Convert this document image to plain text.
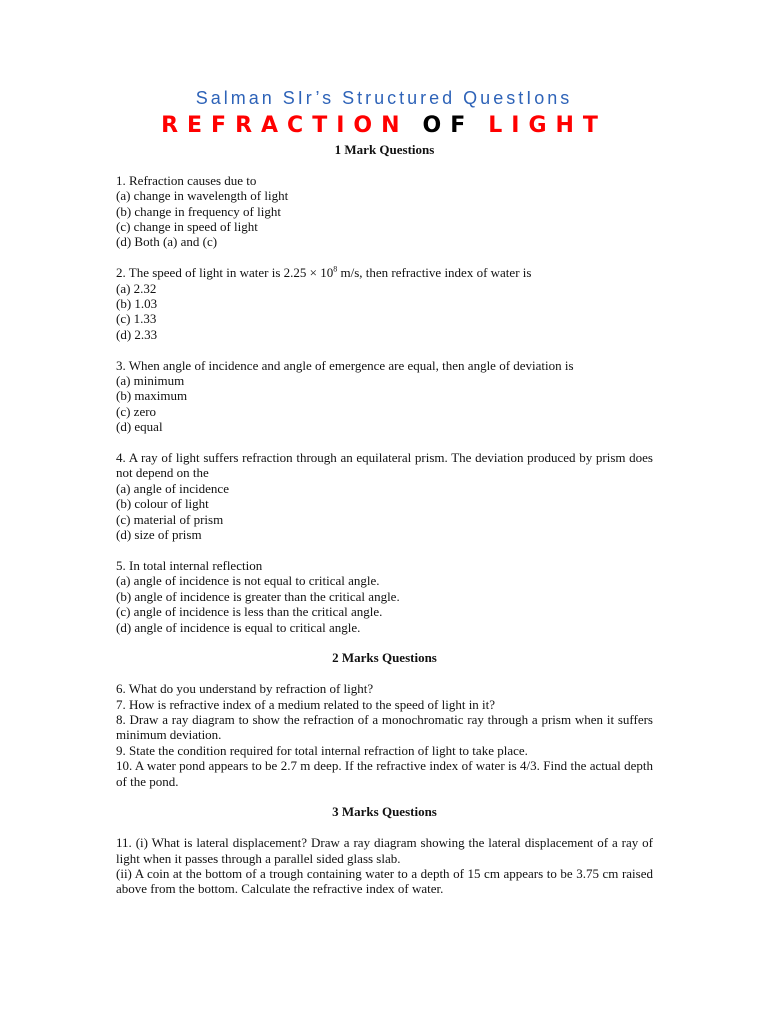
Salman SIr’s Structured QuestIons
REFRACTION OF LIGHT

1 Mark Questions

1. Refraction causes due to

(a) change in wavelength of light

(b) change in frequency of light

(c) change in speed of light

(d) Both (a) and (c)

2. The speed of light in water is $2.25 \times 10^8$ m/s, then refractive index of water is

(a) 2.32

(b) 1.03

(c) 1.33

(d) 2.33

3. When angle of incidence and angle of emergence are equal, then angle of deviation is

(a) minimum

(b) maximum

(c) zero

(d) equal

4. A ray of light suffers refraction through an equilateral prism. The deviation produced by prism does not depend on the

(a) angle of incidence

(b) colour of light

(c) material of prism

(d) size of prism

5. In total internal reflection

(a) angle of incidence is not equal to critical angle.

(b) angle of incidence is greater than the critical angle.

(c) angle of incidence is less than the critical angle.

(d) angle of incidence is equal to critical angle.

2 Marks Questions

6. What do you understand by refraction of light?

7. How is refractive index of a medium related to the speed of light in it?

8. Draw a ray diagram to show the refraction of a monochromatic ray through a prism when it suffers minimum deviation.

9. State the condition required for total internal refraction of light to take place.

10. A water pond appears to be 2.7 m deep. If the refractive index of water is 4/3. Find the actual depth of the pond.

3 Marks Questions

11. (i) What is lateral displacement? Draw a ray diagram showing the lateral displacement of a ray of light when it passes through a parallel sided glass slab.

(ii) A coin at the bottom of a trough containing water to a depth of 15 cm appears to be 3.75 cm raised above from the bottom. Calculate the refractive index of water.
